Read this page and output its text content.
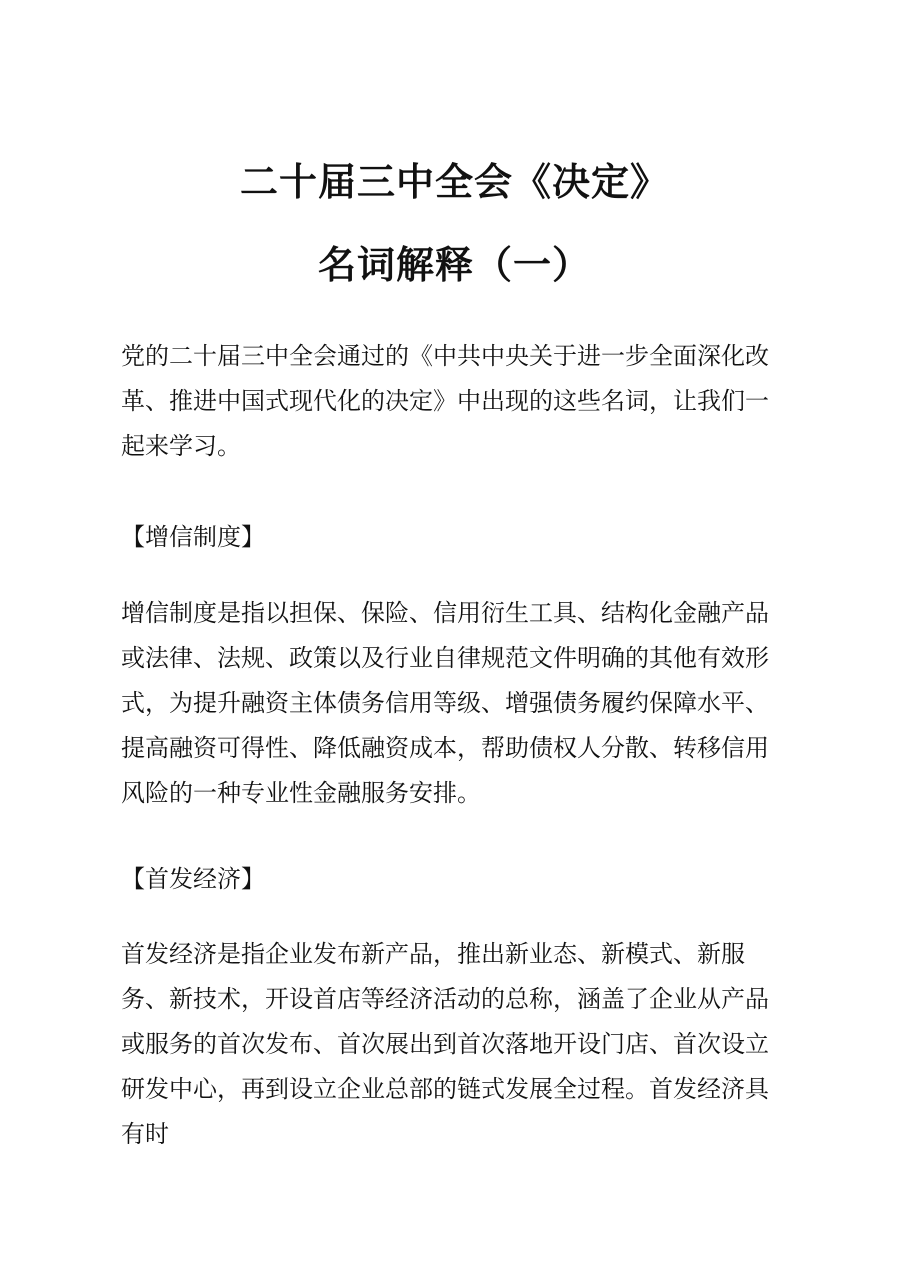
二十届三中全会《决定》
名词解释（一）

党的二十届三中全会通过的《中共中央关于进一步全面深化改革、推进中国式现代化的决定》中出现的这些名词，让我们一起来学习。

【增信制度】

增信制度是指以担保、保险、信用衍生工具、结构化金融产品或法律、法规、政策以及行业自律规范文件明确的其他有效形式，为提升融资主体债务信用等级、增强债务履约保障水平、提高融资可得性、降低融资成本，帮助债权人分散、转移信用风险的一种专业性金融服务安排。

【首发经济】

首发经济是指企业发布新产品，推出新业态、新模式、新服务、新技术，开设首店等经济活动的总称，涵盖了企业从产品或服务的首次发布、首次展出到首次落地开设门店、首次设立研发中心，再到设立企业总部的链式发展全过程。首发经济具有时
